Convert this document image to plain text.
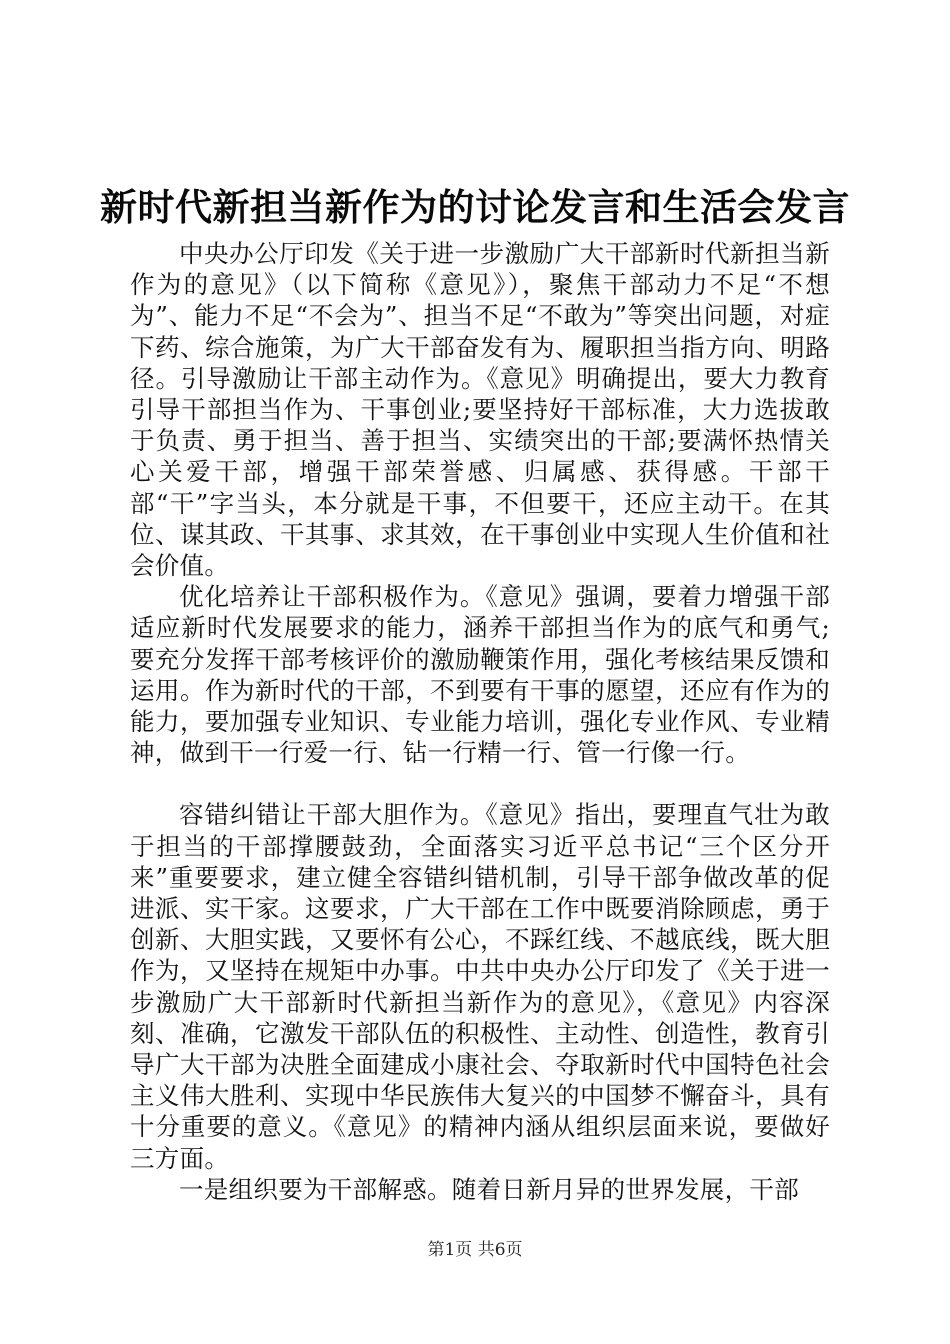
新时代新担当新作为的讨论发言和生活会发言

中央办公厅印发《关于进一步激励广大干部新时代新担当新作为的意见》（以下简称《意见》），聚焦干部动力不足“不想为”、能力不足“不会为”、担当不足“不敢为”等突出问题，对症下药、综合施策，为广大干部奋发有为、履职担当指方向、明路径。引导激励让干部主动作为。《意见》明确提出，要大力教育引导干部担当作为、干事创业;要坚持好干部标准，大力选拔敢于负责、勇于担当、善于担当、实绩突出的干部;要满怀热情关心关爱干部，增强干部荣誉感、归属感、获得感。干部干部“干”字当头，本分就是干事，不但要干，还应主动干。在其位、谋其政、干其事、求其效，在干事创业中实现人生价值和社会价值。

优化培养让干部积极作为。《意见》强调，要着力增强干部适应新时代发展要求的能力，涵养干部担当作为的底气和勇气;要充分发挥干部考核评价的激励鞭策作用，强化考核结果反馈和运用。作为新时代的干部，不到要有干事的愿望，还应有作为的能力，要加强专业知识、专业能力培训，强化专业作风、专业精神，做到干一行爱一行、钻一行精一行、管一行像一行。

容错纠错让干部大胆作为。《意见》指出，要理直气壮为敢于担当的干部撑腰鼓劲，全面落实习近平总书记“三个区分开来”重要要求，建立健全容错纠错机制，引导干部争做改革的促进派、实干家。这要求，广大干部在工作中既要消除顾虑，勇于创新、大胆实践，又要怀有公心，不踩红线、不越底线，既大胆作为，又坚持在规矩中办事。中共中央办公厅印发了《关于进一步激励广大干部新时代新担当新作为的意见》，《意见》内容深刻、准确，它激发干部队伍的积极性、主动性、创造性，教育引导广大干部为决胜全面建成小康社会、夺取新时代中国特色社会主义伟大胜利、实现中华民族伟大复兴的中国梦不懈奋斗，具有十分重要的意义。《意见》的精神内涵从组织层面来说，要做好三方面。

一是组织要为干部解惑。随着日新月异的世界发展，干部

第1页 共6页
